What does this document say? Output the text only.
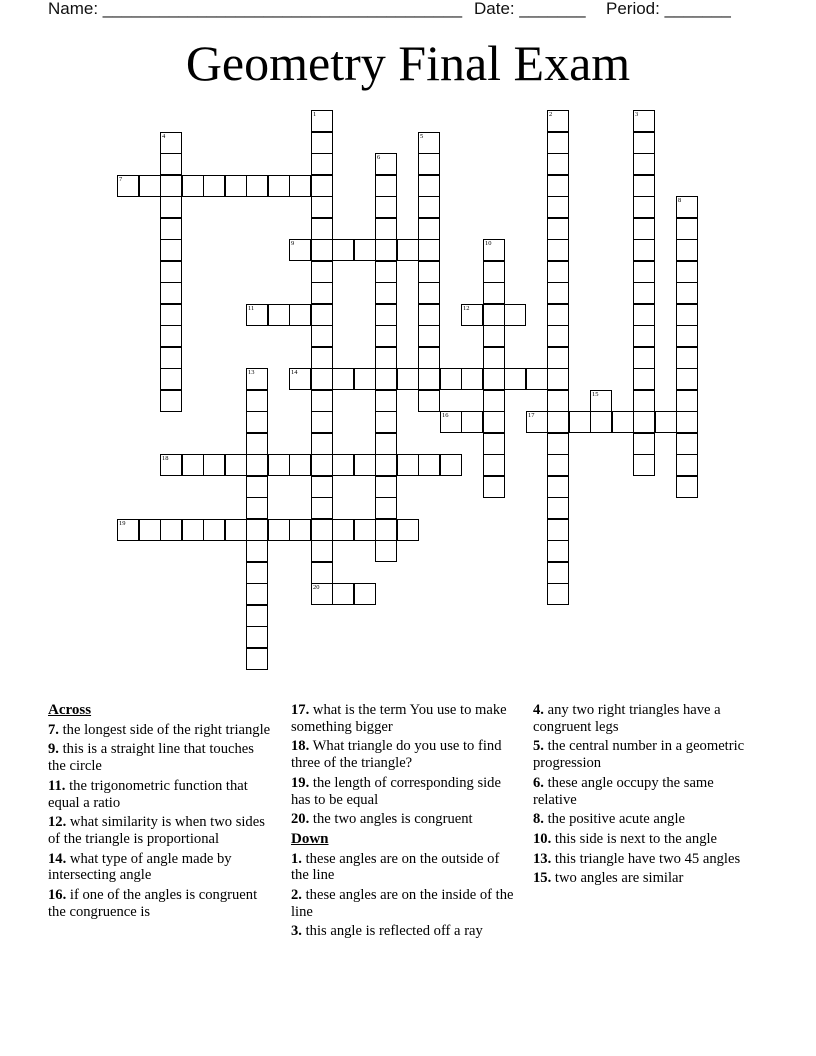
Name: ______________________________________ Date: _______ Period: _______
Geometry Final Exam
1	2	3
4	5
6
7
8
9	10
11	12
13	14
15
16	17
18
19
20
Across
7. the longest side of the right triangle
9. this is a straight line that touches the circle
11. the trigonometric function that equal a ratio
12. what similarity is when two sides of the triangle is proportional
14. what type of angle made by intersecting angle
16. if one of the angles is congruent the congruence is
17. what is the term You use to make something bigger
18. What triangle do you use to find three of the triangle?
19. the length of corresponding side has to be equal
20. the two angles is congruent
Down
1. these angles are on the outside of the line
2. these angles are on the inside of the line
3. this angle is reflected off a ray
4. any two right triangles have a congruent legs
5. the central number in a geometric progression
6. these angle occupy the same relative
8. the positive acute angle
10. this side is next to the angle
13. this triangle have two 45 angles
15. two angles are similar
